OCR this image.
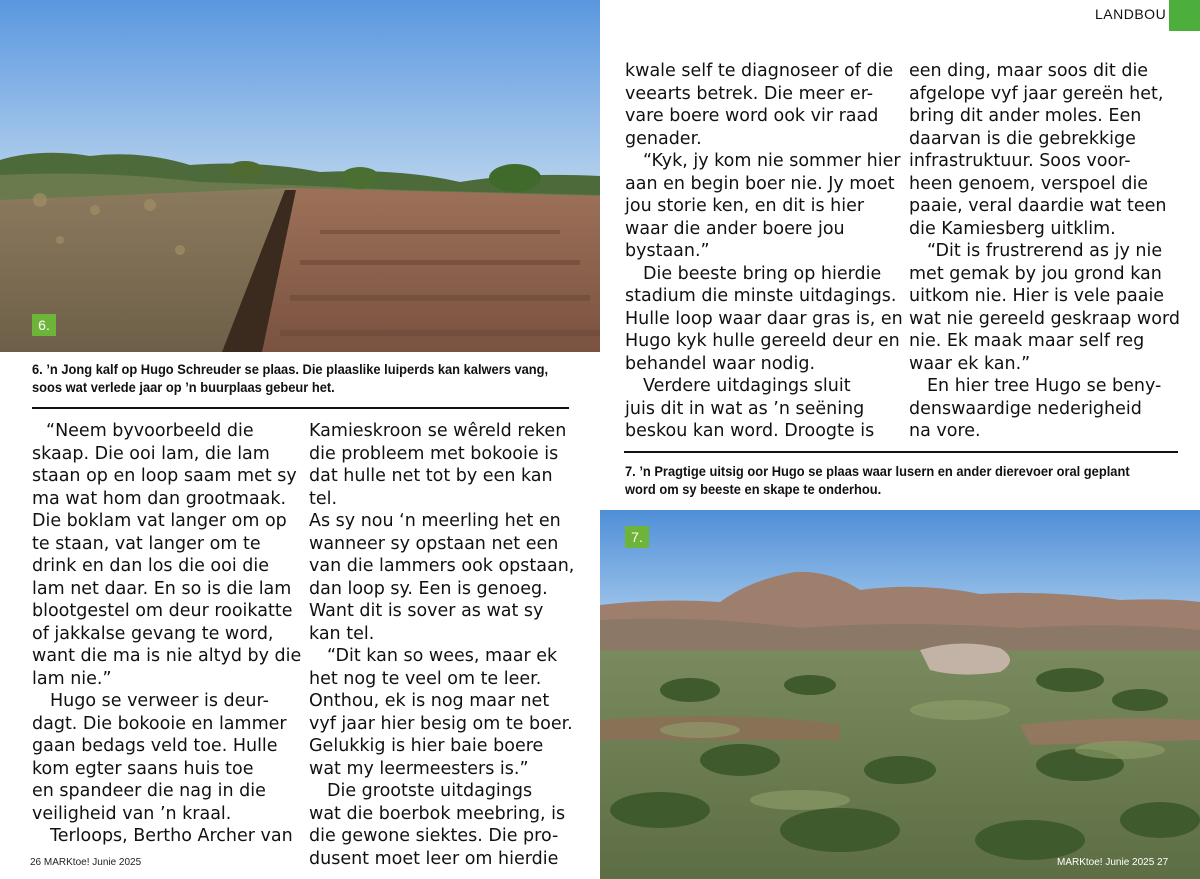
6.
6. ’n Jong kalf op Hugo Schreuder se plaas. Die plaaslike luiperds kan kalwers vang, soos wat verlede jaar op ’n buurplaas gebeur het.

“Neem byvoorbeeld die
skaap. Die ooi lam, die lam
staan op en loop saam met sy
ma wat hom dan grootmaak.
Die boklam vat langer om op
te staan, vat langer om te
drink en dan los die ooi die
lam net daar. En so is die lam
blootgestel om deur rooikatte
of jakkalse gevang te word,
want die ma is nie altyd by die
lam nie.”

Hugo se verweer is deur-
dagt. Die bokooie en lammer
gaan bedags veld toe. Hulle
kom egter saans huis toe
en spandeer die nag in die
veiligheid van ’n kraal.

Terloops, Bertho Archer van

Kamieskroon se wêreld reken
die probleem met bokooie is
dat hulle net tot by een kan tel.
As sy nou ‘n meerling het en
wanneer sy opstaan net een
van die lammers ook opstaan,
dan loop sy. Een is genoeg.
Want dit is sover as wat sy
kan tel.

“Dit kan so wees, maar ek
het nog te veel om te leer.
Onthou, ek is nog maar net
vyf jaar hier besig om te boer.
Gelukkig is hier baie boere
wat my leermeesters is.”

Die grootste uitdagings
wat die boerbok meebring, is
die gewone siektes. Die pro-
dusent moet leer om hierdie

26 MARKtoe! Junie 2025
LANDBOU

kwale self te diagnoseer of die
veearts betrek. Die meer er-
vare boere word ook vir raad
genader.

“Kyk, jy kom nie sommer hier
aan en begin boer nie. Jy moet
jou storie ken, en dit is hier
waar die ander boere jou
bystaan.”

Die beeste bring op hierdie
stadium die minste uitdagings.
Hulle loop waar daar gras is, en
Hugo kyk hulle gereeld deur en
behandel waar nodig.

Verdere uitdagings sluit
juis dit in wat as ’n seëning
beskou kan word. Droogte is

een ding, maar soos dit die
afgelope vyf jaar gereën het,
bring dit ander moles. Een
daarvan is die gebrekkige
infrastruktuur. Soos voor-
heen genoem, verspoel die
paaie, veral daardie wat teen
die Kamiesberg uitklim.

“Dit is frustrerend as jy nie
met gemak by jou grond kan
uitkom nie. Hier is vele paaie
wat nie gereeld geskraap word
nie. Ek maak maar self reg
waar ek kan.”

En hier tree Hugo se beny-
denswaardige nederigheid
na vore.

7. ’n Pragtige uitsig oor Hugo se plaas waar lusern en ander dierevoer oral geplant
word om sy beeste en skape te onderhou.
7.
MARKtoe! Junie 2025 27
